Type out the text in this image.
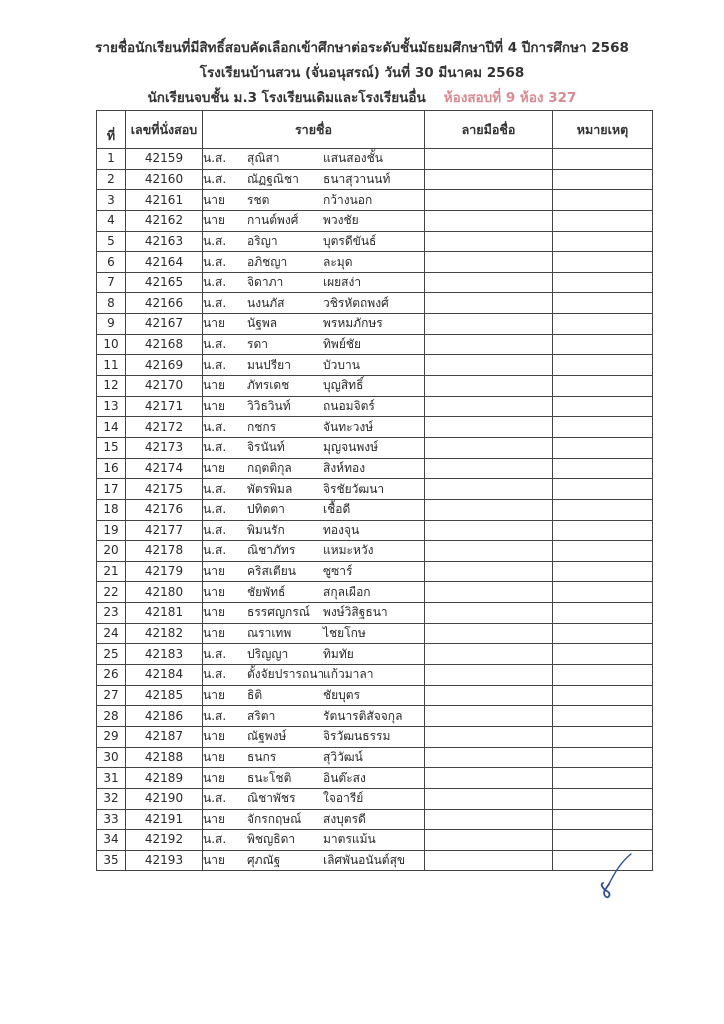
รายชื่อนักเรียนที่มีสิทธิ์สอบคัดเลือกเข้าศึกษาต่อระดับชั้นมัธยมศึกษาปีที่ 4 ปีการศึกษา 2568
โรงเรียนบ้านสวน (จั่นอนุสรณ์) วันที่ 30 มีนาคม 2568
นักเรียนจบชั้น ม.3 โรงเรียนเดิมและโรงเรียนอื่น ห้องสอบที่ 9 ห้อง 327
ที่	เลขที่นั่งสอบ	รายชื่อ	ลายมือชื่อ	หมายเหตุ
1	42159	น.ส. สุณิสา แสนสองชั้น		
2	42160	น.ส. ณัฏฐณิชา ธนาสุวานนท์		
3	42161	นาย รชต กว้างนอก		
4	42162	นาย กานต์พงศ์ พวงชัย		
5	42163	น.ส. อริญา บุตรดีขันธ์		
6	42164	น.ส. อภิชญา ละมุด		
7	42165	น.ส. จิดาภา เผยสง่า		
8	42166	น.ส. นงนภัส วชิรหัตถพงศ์		
9	42167	นาย นัฐพล พรหมภักษร		
10	42168	น.ส. รดา ทิพย์ชัย		
11	42169	น.ส. มนปรียา บัวบาน		
12	42170	นาย ภัทรเดช บุญสิทธิ์		
13	42171	นาย วิวิธวินท์ ถนอมจิตร์		
14	42172	น.ส. กชกร จันทะวงษ์		
15	42173	น.ส. จิรนันท์ มุญจนพงษ์		
16	42174	นาย กฤตติกุล สิงห์ทอง		
17	42175	น.ส. พัตรพิมล จิรชัยวัฒนา		
18	42176	น.ส. ปทิตตา เชื้อดี		
19	42177	น.ส. พิมนรัก ทองจุน		
20	42178	น.ส. ณิชาภัทร แหมะหวัง		
21	42179	นาย คริสเตียน ซูซาร์		
22	42180	นาย ชัยพัทธ์ สกุลเผือก		
23	42181	นาย ธรรศญกรณ์ พงษ์วิสิฐธนา		
24	42182	นาย ณราเทพ ไชยโกษ		
25	42183	น.ส. ปริญญา ทิมทัย		
26	42184	น.ส. ตั้งจัยปรารถนาแก้วมาลา		
27	42185	นาย ธิติ ชัยบุตร		
28	42186	น.ส. สริตา รัตนารติสัจจกุล		
29	42187	นาย ณัฐพงษ์ จิรวัฒนธรรม		
30	42188	นาย ธนกร สุวิวัฒน์		
31	42189	นาย ธนะโชติ อินต๊ะสง		
32	42190	น.ส. ณิชาพัชร ใจอารีย์		
33	42191	นาย จักรกฤษณ์ สงบุตรดี		
34	42192	น.ส. พิชญธิดา มาตรแม้น		
35	42193	นาย ศุภณัฐ เลิศพันอนันต์สุข		
